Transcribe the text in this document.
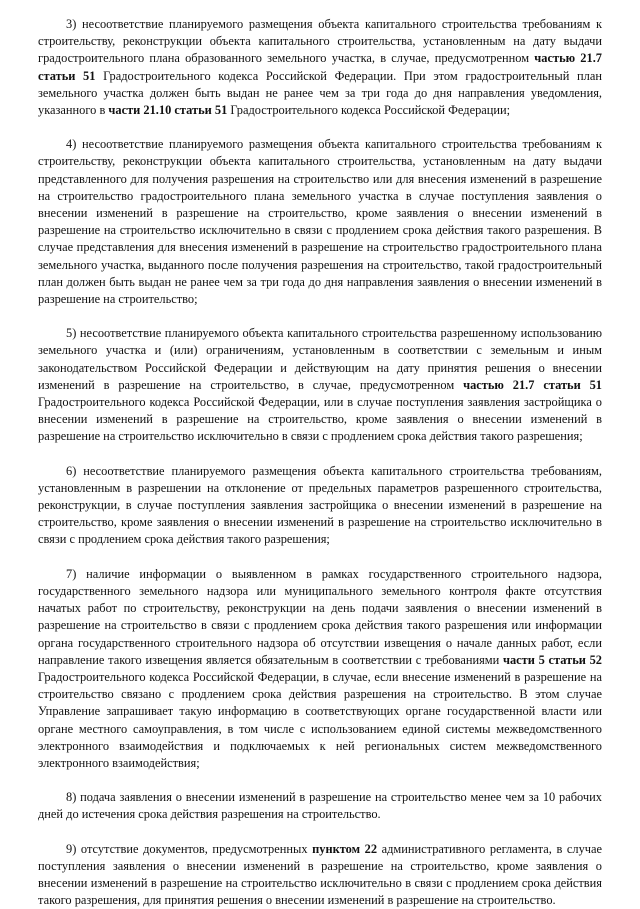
3) несоответствие планируемого размещения объекта капитального строительства требованиям к строительству, реконструкции объекта капитального строительства, установленным на дату выдачи градостроительного плана образованного земельного участка, в случае, предусмотренном частью 21.7 статьи 51 Градостроительного кодекса Российской Федерации. При этом градостроительный план земельного участка должен быть выдан не ранее чем за три года до дня направления уведомления, указанного в части 21.10 статьи 51 Градостроительного кодекса Российской Федерации;

4) несоответствие планируемого размещения объекта капитального строительства требованиям к строительству, реконструкции объекта капитального строительства, установленным на дату выдачи представленного для получения разрешения на строительство или для внесения изменений в разрешение на строительство градостроительного плана земельного участка в случае поступления заявления о внесении изменений в разрешение на строительство, кроме заявления о внесении изменений в разрешение на строительство исключительно в связи с продлением срока действия такого разрешения. В случае представления для внесения изменений в разрешение на строительство градостроительного плана земельного участка, выданного после получения разрешения на строительство, такой градостроительный план должен быть выдан не ранее чем за три года до дня направления заявления о внесении изменений в разрешение на строительство;

5) несоответствие планируемого объекта капитального строительства разрешенному использованию земельного участка и (или) ограничениям, установленным в соответствии с земельным и иным законодательством Российской Федерации и действующим на дату принятия решения о внесении изменений в разрешение на строительство, в случае, предусмотренном частью 21.7 статьи 51 Градостроительного кодекса Российской Федерации, или в случае поступления заявления застройщика о внесении изменений в разрешение на строительство, кроме заявления о внесении изменений в разрешение на строительство исключительно в связи с продлением срока действия такого разрешения;

6) несоответствие планируемого размещения объекта капитального строительства требованиям, установленным в разрешении на отклонение от предельных параметров разрешенного строительства, реконструкции, в случае поступления заявления застройщика о внесении изменений в разрешение на строительство, кроме заявления о внесении изменений в разрешение на строительство исключительно в связи с продлением срока действия такого разрешения;

7) наличие информации о выявленном в рамках государственного строительного надзора, государственного земельного надзора или муниципального земельного контроля факте отсутствия начатых работ по строительству, реконструкции на день подачи заявления о внесении изменений в разрешение на строительство в связи с продлением срока действия такого разрешения или информации органа государственного строительного надзора об отсутствии извещения о начале данных работ, если направление такого извещения является обязательным в соответствии с требованиями части 5 статьи 52 Градостроительного кодекса Российской Федерации, в случае, если внесение изменений в разрешение на строительство связано с продлением срока действия разрешения на строительство. В этом случае Управление запрашивает такую информацию в соответствующих органе государственной власти или органе местного самоуправления, в том числе с использованием единой системы межведомственного электронного взаимодействия и подключаемых к ней региональных систем межведомственного электронного взаимодействия;

8) подача заявления о внесении изменений в разрешение на строительство менее чем за 10 рабочих дней до истечения срока действия разрешения на строительство.

9) отсутствие документов, предусмотренных пунктом 22 административного регламента, в случае поступления заявления о внесении изменений в разрешение на строительство, кроме заявления о внесении изменений в разрешение на строительство исключительно в связи с продлением срока действия такого разрешения, для принятия решения о внесении изменений в разрешение на строительство.
